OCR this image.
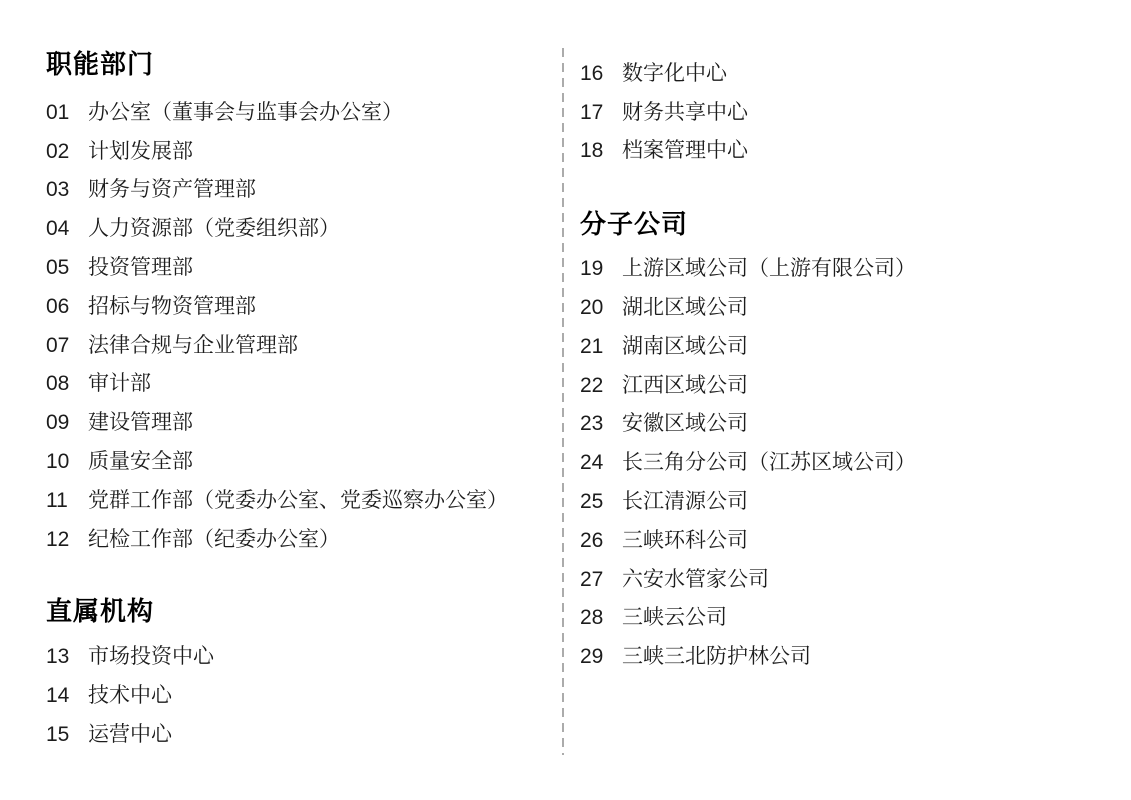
职能部门
01 办公室（董事会与监事会办公室）
02 计划发展部
03 财务与资产管理部
04 人力资源部（党委组织部）
05 投资管理部
06 招标与物资管理部
07 法律合规与企业管理部
08 审计部
09 建设管理部
10 质量安全部
11 党群工作部（党委办公室、党委巡察办公室）
12 纪检工作部（纪委办公室）
直属机构
13 市场投资中心
14 技术中心
15 运营中心
16 数字化中心
17 财务共享中心
18 档案管理中心
分子公司
19 上游区域公司（上游有限公司）
20 湖北区域公司
21 湖南区域公司
22 江西区域公司
23 安徽区域公司
24 长三角分公司（江苏区域公司）
25 长江清源公司
26 三峡环科公司
27 六安水管家公司
28 三峡云公司
29 三峡三北防护林公司
